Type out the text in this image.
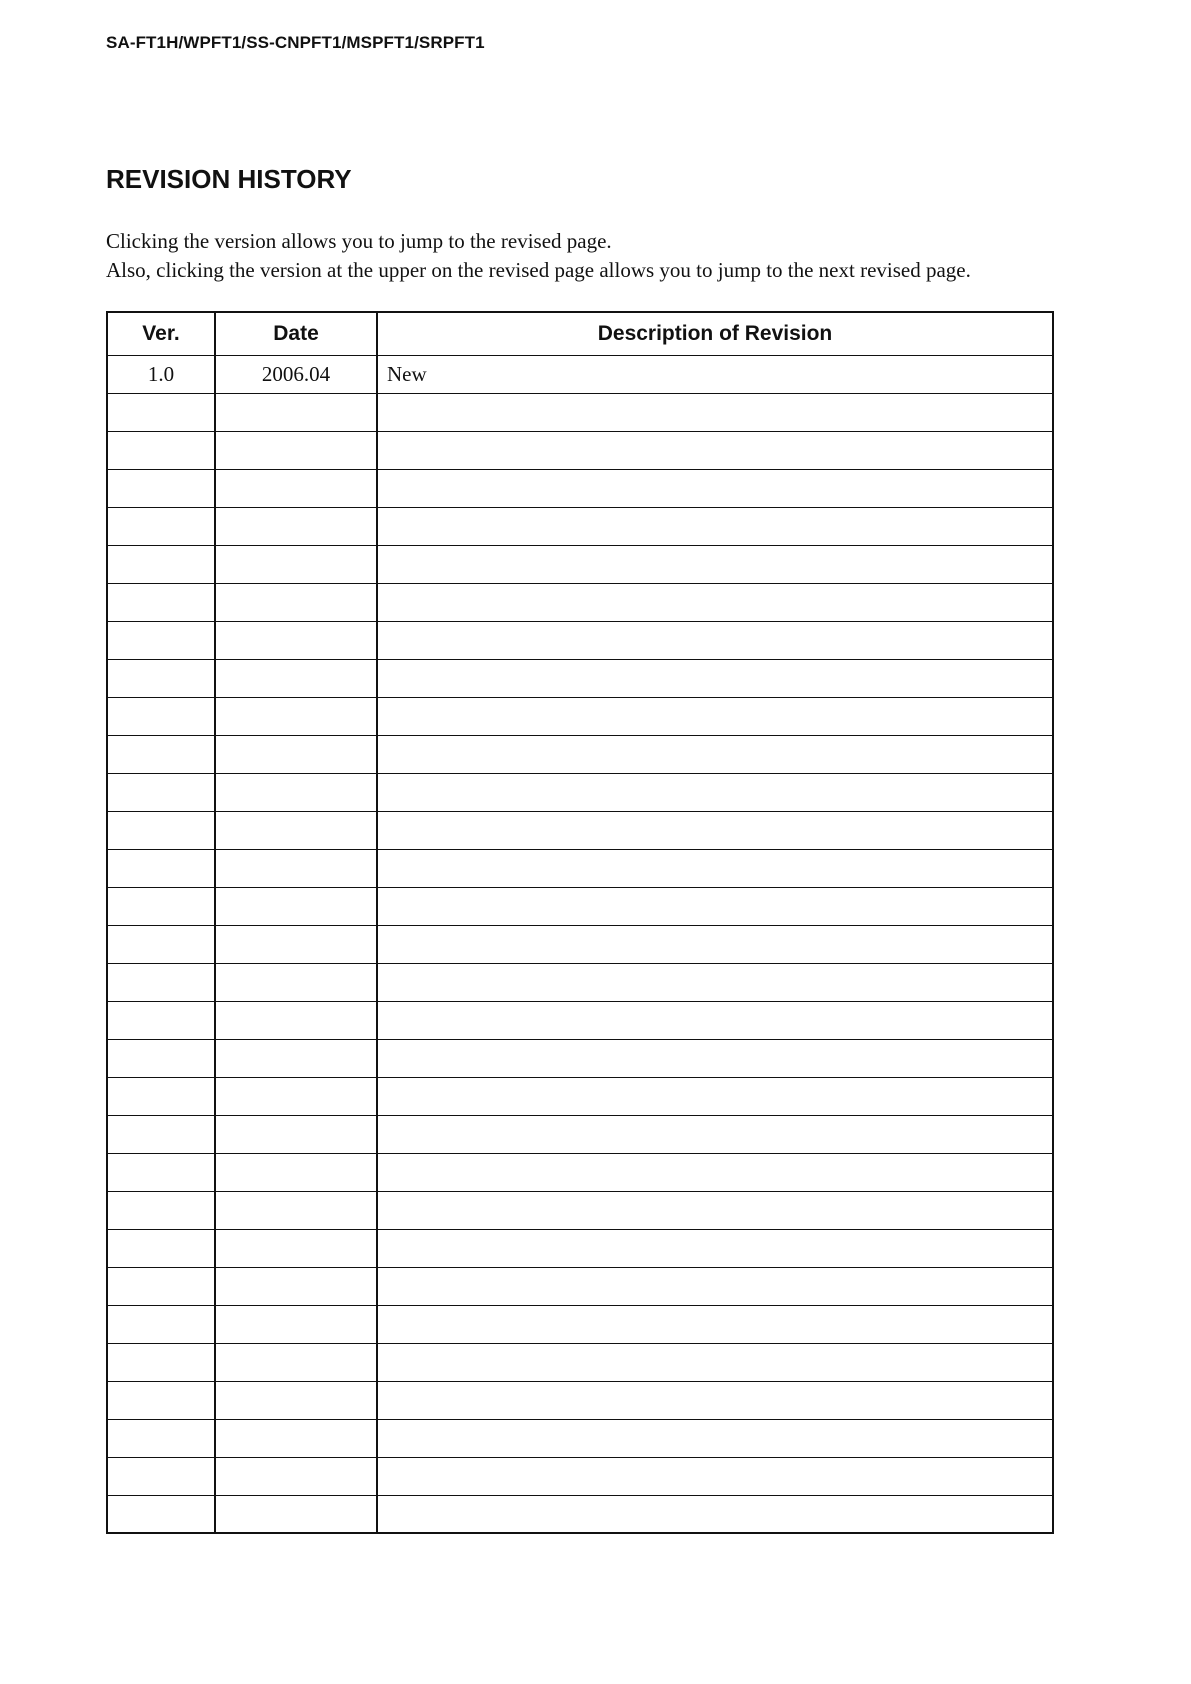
SA-FT1H/WPFT1/SS-CNPFT1/MSPFT1/SRPFT1
REVISION HISTORY

Clicking the version allows you to jump to the revised page.

Also, clicking the version at the upper on the revised page allows you to jump to the next revised page.

Ver.	Date	Description of Revision
1.0	2006.04	New
